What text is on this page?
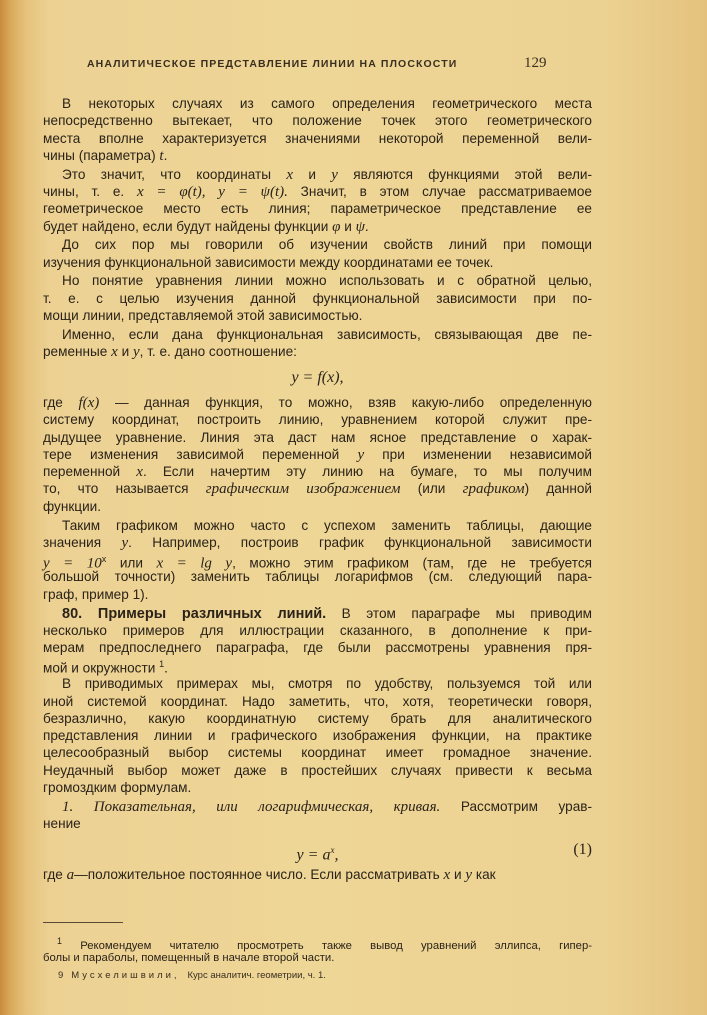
АНАЛИТИЧЕСКОЕ ПРЕДСТАВЛЕНИЕ ЛИНИИ НА ПЛОСКОСТИ	129
В некоторых случаях из самого определения геометрического места
непосредственно вытекает, что положение точек этого геометрического
места вполне характеризуется значениями некоторой переменной вели-
чины (параметра) t.
Это значит, что координаты x и y являются функциями этой вели-
чины, т. е. x = φ(t), y = ψ(t). Значит, в этом случае рассматриваемое
геометрическое место есть линия; параметрическое представление ее
будет найдено, если будут найдены функции φ и ψ.
До сих пор мы говорили об изучении свойств линий при помощи
изучения функциональной зависимости между координатами ее точек.
Но понятие уравнения линии можно использовать и с обратной целью,
т. е. с целью изучения данной функциональной зависимости при по-
мощи линии, представляемой этой зависимостью.
Именно, если дана функциональная зависимость, связывающая две пе-
ременные x и y, т. е. дано соотношение:
y = f(x),
где f(x) — данная функция, то можно, взяв какую-либо определенную
систему координат, построить линию, уравнением которой служит пре-
дыдущее уравнение. Линия эта даст нам ясное представление о харак-
тере изменения зависимой переменной y при изменении независимой
переменной x. Если начертим эту линию на бумаге, то мы получим
то, что называется графическим изображением (или графиком) данной
функции.
Таким графиком можно часто с успехом заменить таблицы, дающие
значения y. Например, построив график функциональной зависимости
$y = 10^x$ или x = lg y, можно этим графиком (там, где не требуется
большой точности) заменить таблицы логарифмов (см. следующий пара-
граф, пример 1).
80. Примеры различных линий. В этом параграфе мы приводим
несколько примеров для иллюстрации сказанного, в дополнение к при-
мерам предпоследнего параграфа, где были рассмотрены уравнения пря-
мой и окружности $^1$.
В приводимых примерах мы, смотря по удобству, пользуемся той или
иной системой координат. Надо заметить, что, хотя, теоретически говоря,
безразлично, какую координатную систему брать для аналитического
представления линии и графического изображения функции, на практике
целесообразный выбор системы координат имеет громадное значение.
Неудачный выбор может даже в простейших случаях привести к весьма
громоздким формулам.
1. Показательная, или логарифмическая, кривая. Рассмотрим урав-
нение
$y = a^x$,	(1)
где a—положительное постоянное число. Если рассматривать x и y как
$^1$ Рекомендуем читателю просмотреть также вывод уравнений эллипса, гипер-
болы и параболы, помещенный в начале второй части.
9 Мусхелишвили, Курс аналитич. геометрии, ч. 1.
